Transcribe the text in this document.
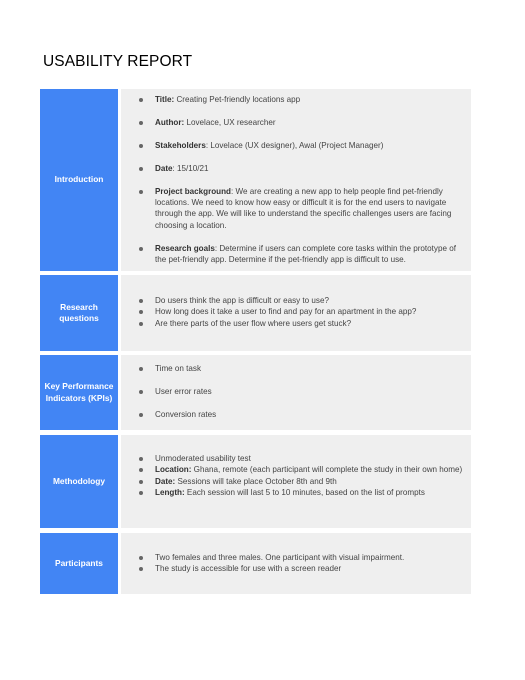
USABILITY REPORT
Introduction
Title: Creating Pet-friendly locations app
Author: Lovelace, UX researcher
Stakeholders: Lovelace (UX designer), Awal (Project Manager)
Date: 15/10/21
Project background: We are creating a new app to help people find pet-friendly locations. We need to know how easy or difficult it is for the end users to navigate through the app. We will like to understand the specific challenges users are facing choosing a location.
Research goals: Determine if users can complete core tasks within the prototype of the pet-friendly app. Determine if the pet-friendly app is difficult to use.
Research questions
Do users think the app is difficult or easy to use?
How long does it take a user to find and pay for an apartment in the app?
Are there parts of the user flow where users get stuck?
Key Performance Indicators (KPIs)
Time on task
User error rates
Conversion rates
Methodology
Unmoderated usability test
Location: Ghana, remote (each participant will complete the study in their own home)
Date: Sessions will take place October 8th and 9th
Length: Each session will last 5 to 10 minutes, based on the list of prompts
Participants
Two females and three males. One participant with visual impairment.
The study is accessible for use with a screen reader
